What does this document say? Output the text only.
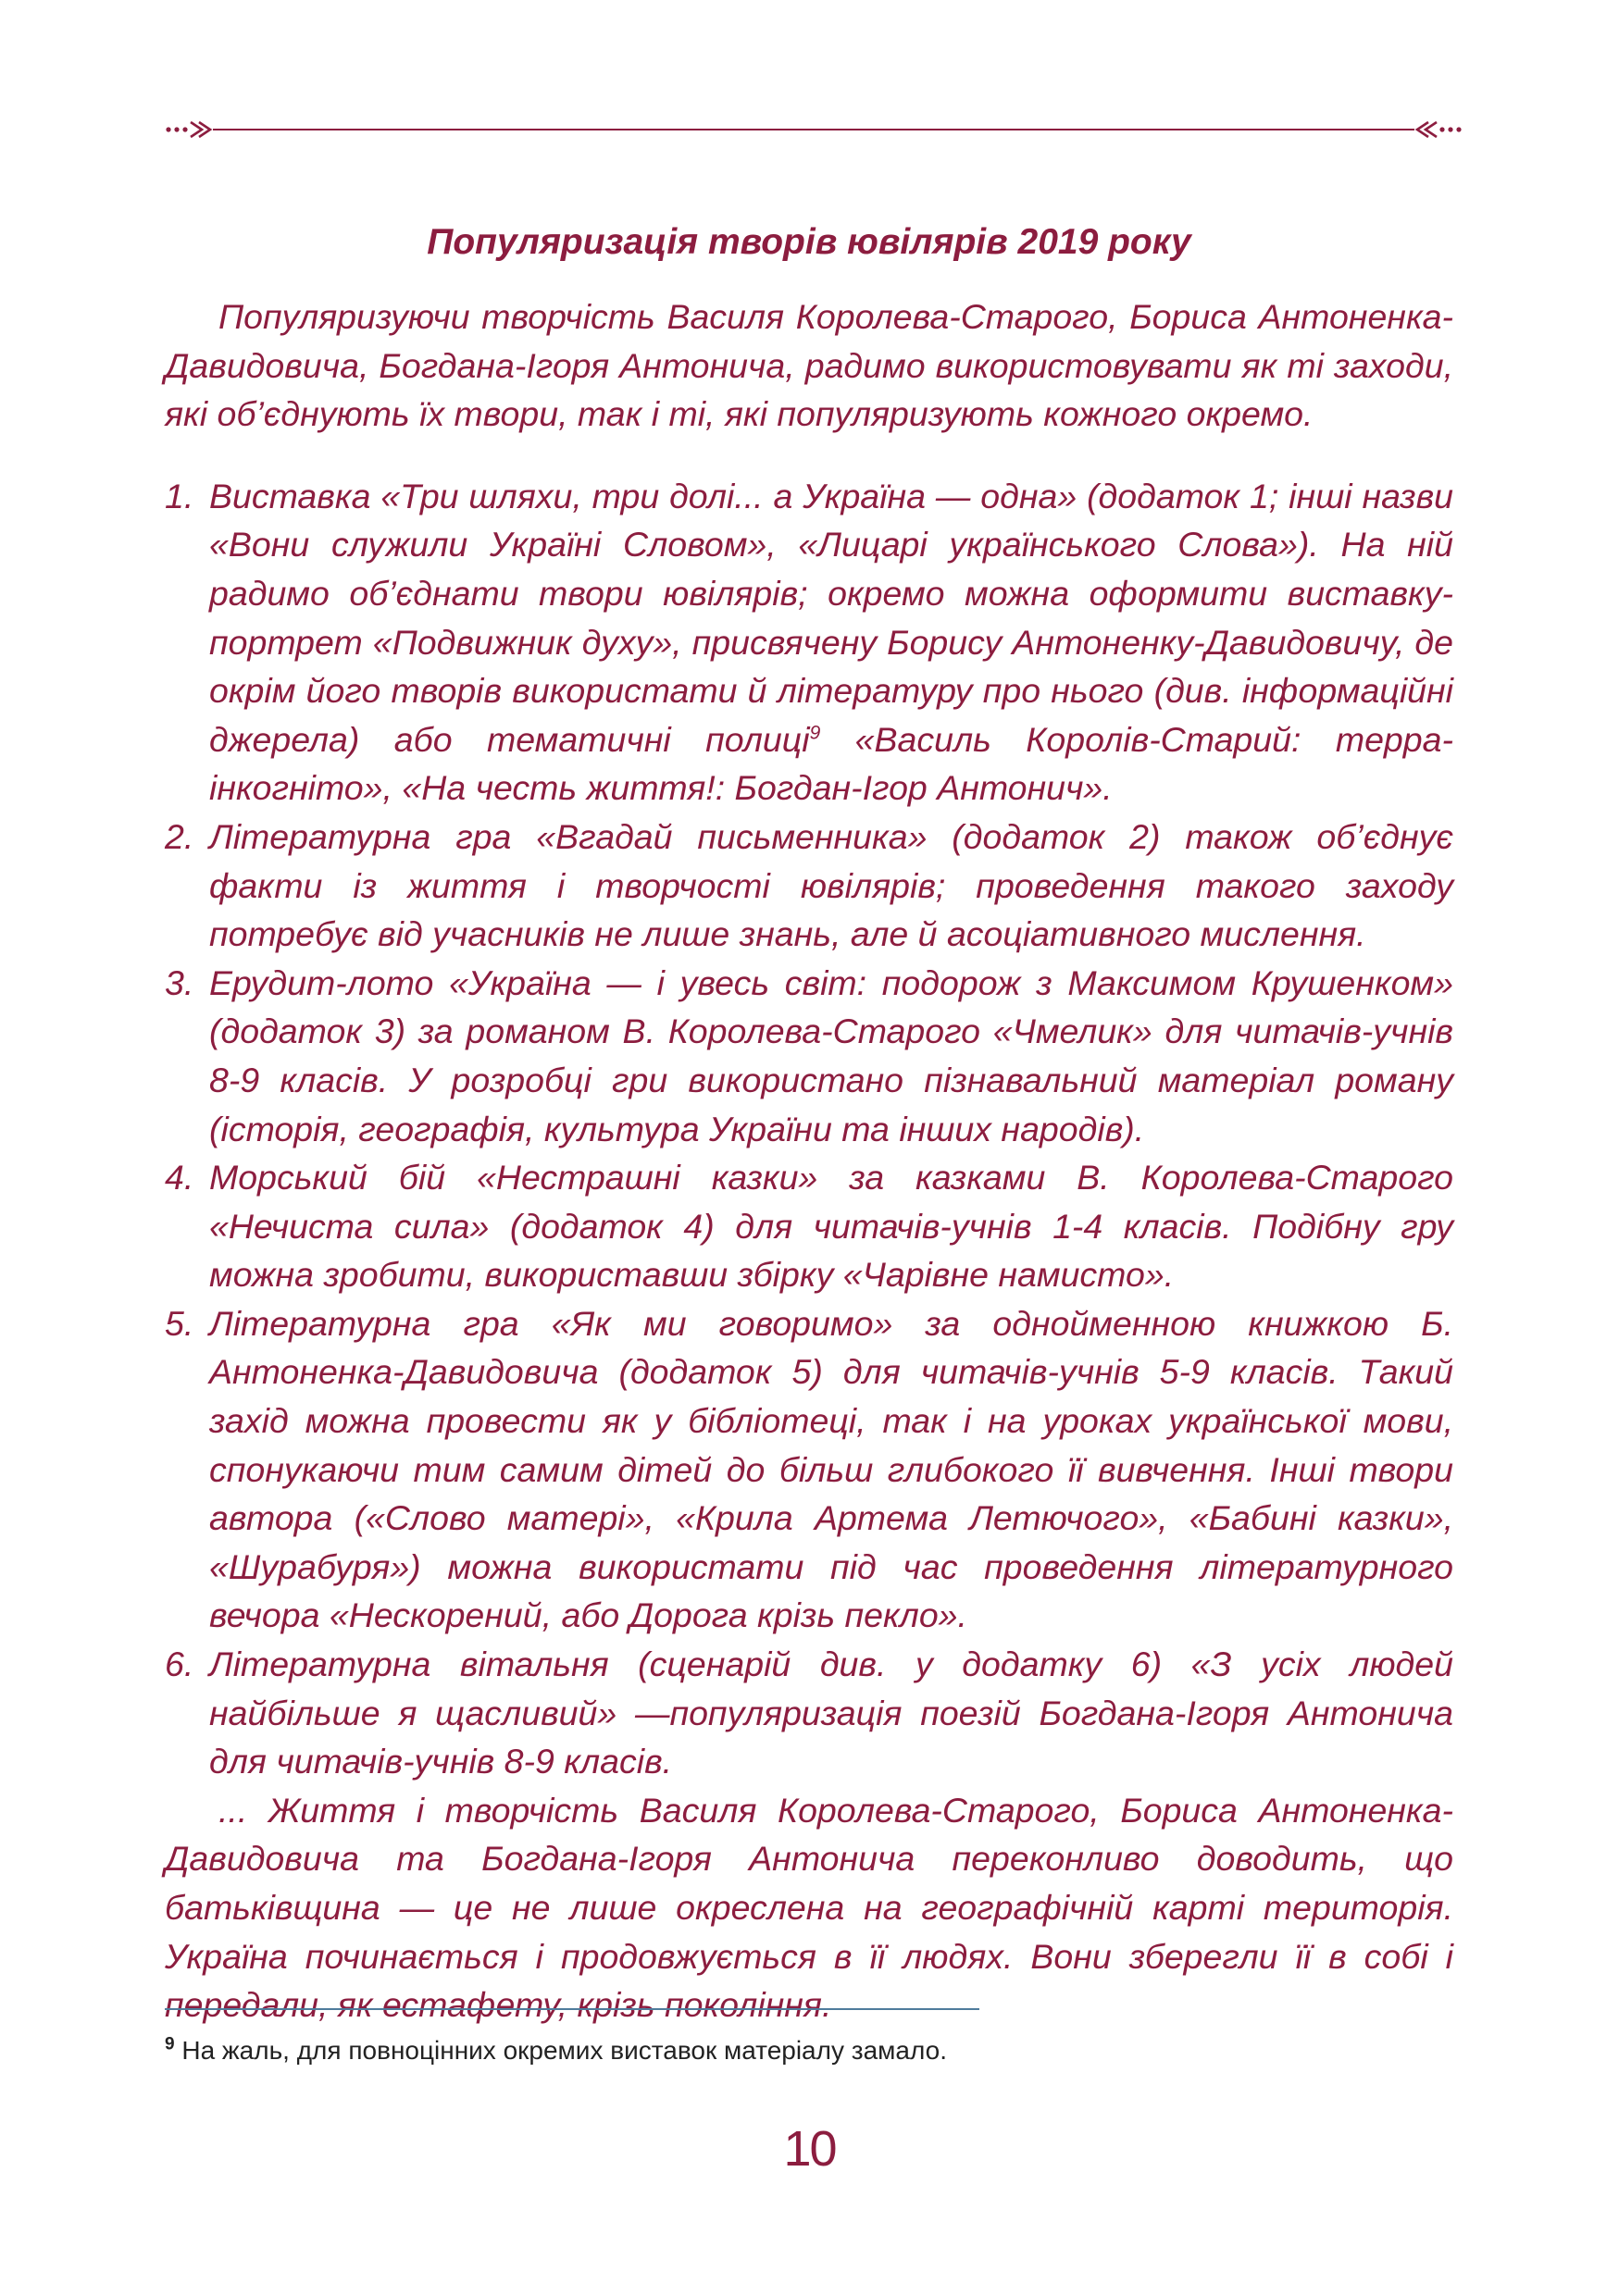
Популяризація творів ювілярів 2019 року

Популяризуючи творчість Василя Королева-Старого, Бориса Антоненка-Давидовича, Богдана-Ігоря Антонича, радимо використовувати як ті заходи, які об’єднують їх твори, так і ті, які популяризують кожного окремо.

1. Виставка «Три шляхи, три долі... а Україна — одна» (додаток 1; інші назви «Вони служили Україні Словом», «Лицарі українського Слова»). На ній радимо об’єднати твори ювілярів; окремо можна оформити виставку-портрет «Подвижник духу», присвячену Борису Антоненку-Давидовичу, де окрім його творів використати й літературу про нього (див. інформаційні джерела) або тематичні полиці$^9$ «Василь Королів-Старий: терра-інкогніто», «На честь життя!: Богдан-Ігор Антонич».
2. Літературна гра «Вгадай письменника» (додаток 2) також об’єднує факти із життя і творчості ювілярів; проведення такого заходу потребує від учасників не лише знань, але й асоціативного мислення.
3. Ерудит-лото «Україна — і увесь світ: подорож з Максимом Крушенком» (додаток 3) за романом В. Королева-Старого «Чмелик» для читачів-учнів 8-9 класів. У розробці гри використано пізнавальний матеріал роману (історія, географія, культура України та інших народів).
4. Морський бій «Нестрашні казки» за казками В. Королева-Старого «Нечиста сила» (додаток 4) для читачів-учнів 1-4 класів. Подібну гру можна зробити, використавши збірку «Чарівне намисто».
5. Літературна гра «Як ми говоримо» за однойменною книжкою Б. Антоненка-Давидовича (додаток 5) для читачів-учнів 5-9 класів. Такий захід можна провести як у бібліотеці, так і на уроках української мови, спонукаючи тим самим дітей до більш глибокого її вивчення. Інші твори автора («Слово матері», «Крила Артема Летючого», «Бабині казки», «Шурабуря») можна використати під час проведення літературного вечора «Нескорений, або Дорога крізь пекло».
6. Літературна вітальня (сценарій див. у додатку 6) «З усіх людей найбільше я щасливий» —популяризація поезій Богдана-Ігоря Антонича для читачів-учнів 8-9 класів.

... Життя і творчість Василя Королева-Старого, Бориса Антоненка-Давидовича та Богдана-Ігоря Антонича переконливо доводить, що батьківщина — це не лише окреслена на географічній карті територія. Україна починається і продовжується в її людях. Вони зберегли її в собі і передали, як естафету, крізь покоління.

$^9$ На жаль, для повноцінних окремих виставок матеріалу замало.
10
